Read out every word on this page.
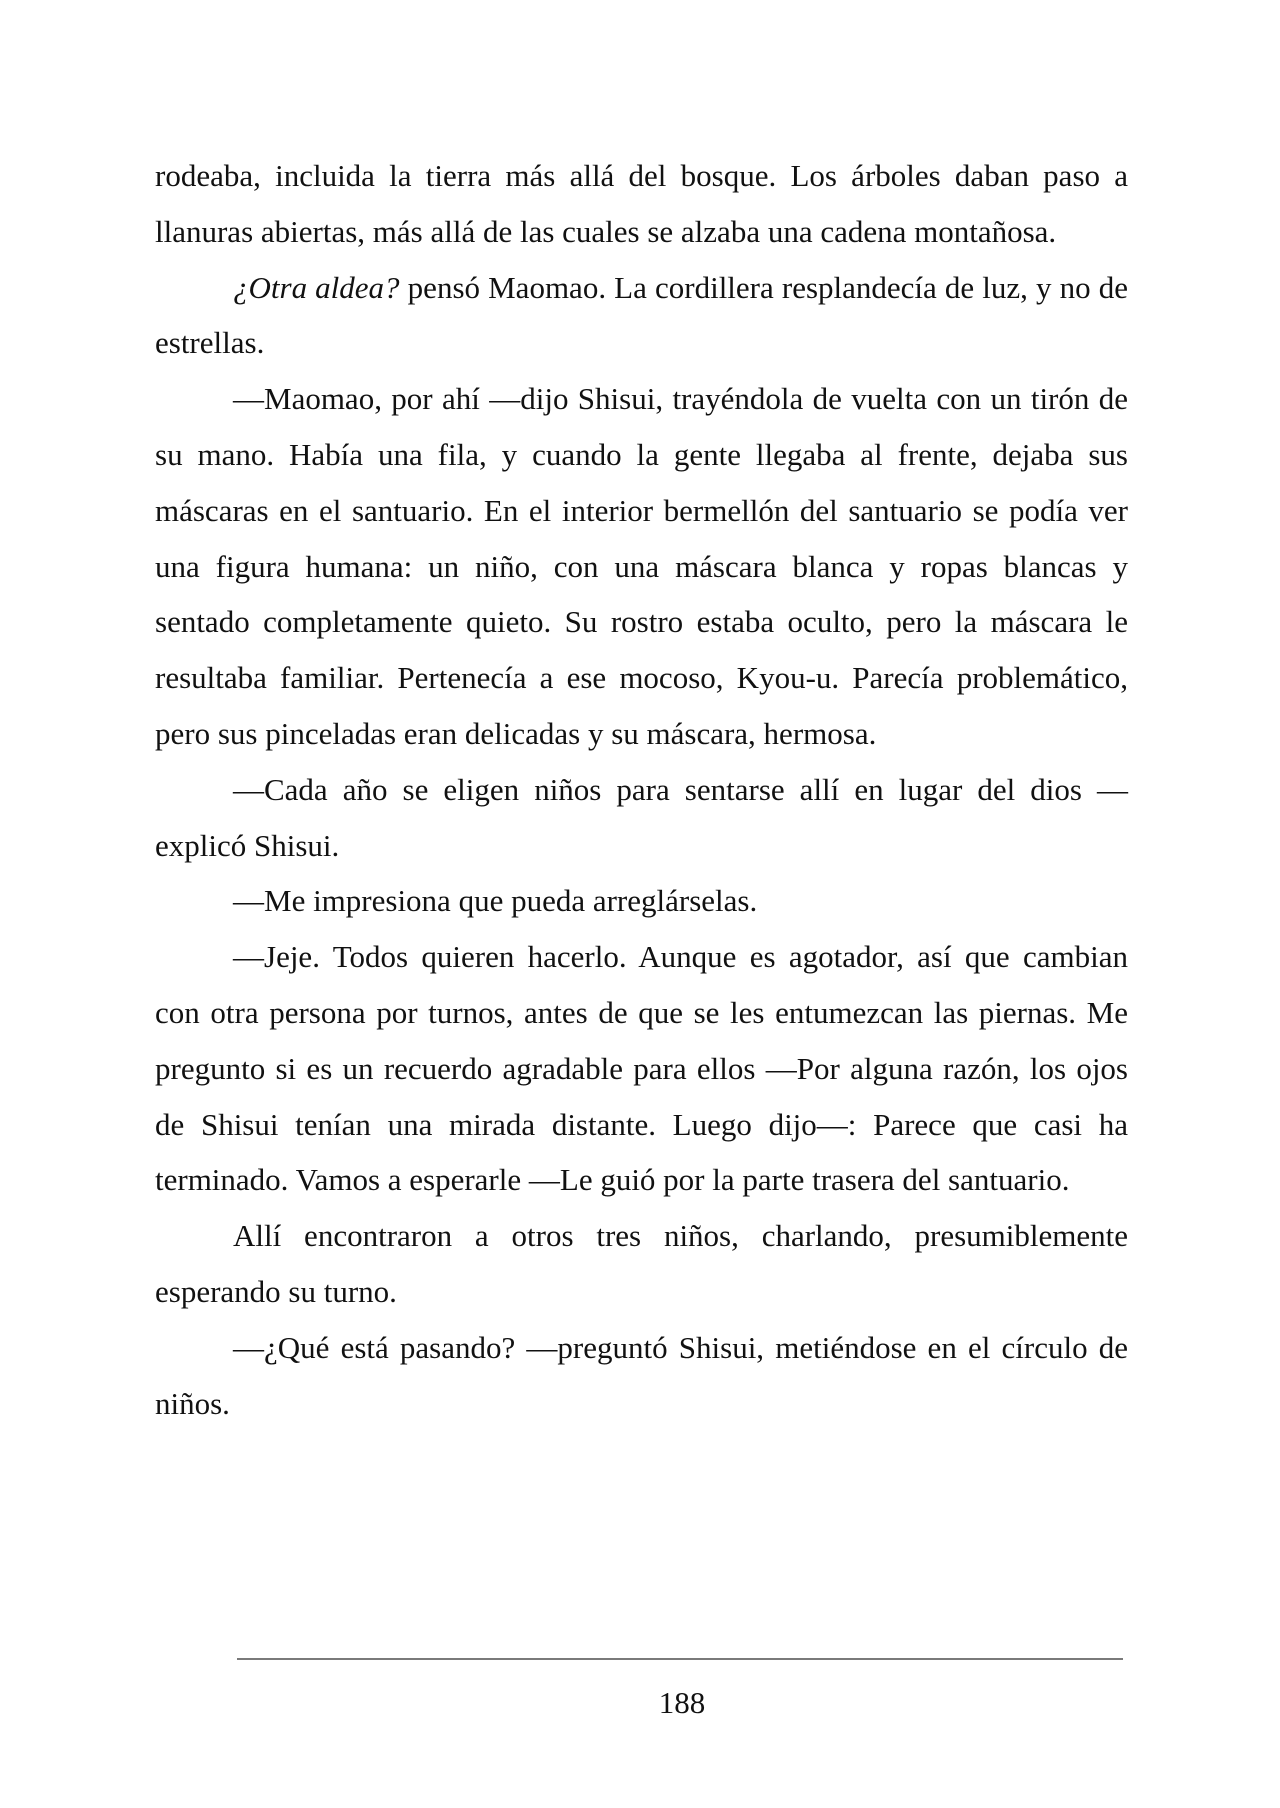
rodeaba, incluida la tierra más allá del bosque. Los árboles daban paso a llanuras abiertas, más allá de las cuales se alzaba una cadena montañosa.

¿Otra aldea? pensó Maomao. La cordillera resplandecía de luz, y no de estrellas.

—Maomao, por ahí —dijo Shisui, trayéndola de vuelta con un tirón de su mano. Había una fila, y cuando la gente llegaba al frente, dejaba sus máscaras en el santuario. En el interior bermellón del santuario se podía ver una figura humana: un niño, con una máscara blanca y ropas blancas y sentado completamente quieto. Su rostro estaba oculto, pero la máscara le resultaba familiar. Pertenecía a ese mocoso, Kyou-u. Parecía problemático, pero sus pinceladas eran delicadas y su máscara, hermosa.

—Cada año se eligen niños para sentarse allí en lugar del dios —explicó Shisui.

—Me impresiona que pueda arreglárselas.

—Jeje. Todos quieren hacerlo. Aunque es agotador, así que cambian con otra persona por turnos, antes de que se les entumezcan las piernas. Me pregunto si es un recuerdo agradable para ellos —Por alguna razón, los ojos de Shisui tenían una mirada distante. Luego dijo—: Parece que casi ha terminado. Vamos a esperarle —Le guió por la parte trasera del santuario.

Allí encontraron a otros tres niños, charlando, presumiblemente esperando su turno.

—¿Qué está pasando? —preguntó Shisui, metiéndose en el círculo de niños.

188
